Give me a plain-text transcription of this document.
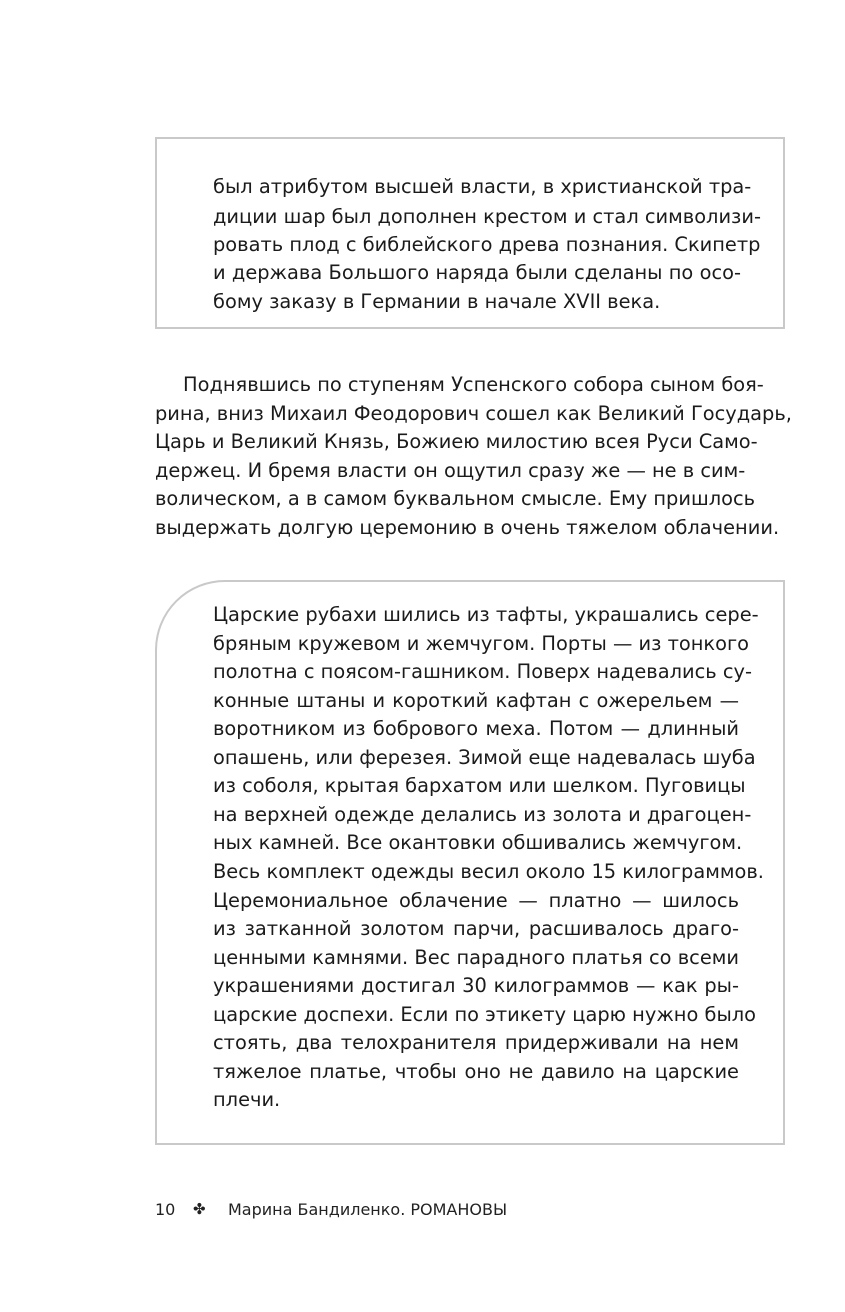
был атрибутом высшей власти, в христианской тра-
диции шар был дополнен крестом и стал символизи-
ровать плод с библейского древа познания. Скипетр
и держава Большого наряда были сделаны по осо-
бому заказу в Германии в начале XVII века.
Поднявшись по ступеням Успенского собора сыном боя-
рина, вниз Михаил Феодорович сошел как Великий Государь,
Царь и Великий Князь, Божиею милостию всея Руси Само-
держец. И бремя власти он ощутил сразу же — не в сим-
волическом, а в самом буквальном смысле. Ему пришлось
выдержать долгую церемонию в очень тяжелом облачении.
Царские рубахи шились из тафты, украшались сере-
бряным кружевом и жемчугом. Порты — из тонкого
полотна с поясом-гашником. Поверх надевались су-
конные штаны и короткий кафтан с ожерельем —
воротником из бобрового меха. Потом — длинный
опашень, или ферезея. Зимой еще надевалась шуба
из соболя, крытая бархатом или шелком. Пуговицы
на верхней одежде делались из золота и драгоцен-
ных камней. Все окантовки обшивались жемчугом.
Весь комплект одежды весил около 15 килограммов.
Церемониальное облачение — платно — шилось
из затканной золотом парчи, расшивалось драго-
ценными камнями. Вес парадного платья со всеми
украшениями достигал 30 килограммов — как ры-
царские доспехи. Если по этикету царю нужно было
стоять, два телохранителя придерживали на нем
тяжелое платье, чтобы оно не давило на царские
плечи.
10 ✤ Марина Бандиленко. РОМАНОВЫ
